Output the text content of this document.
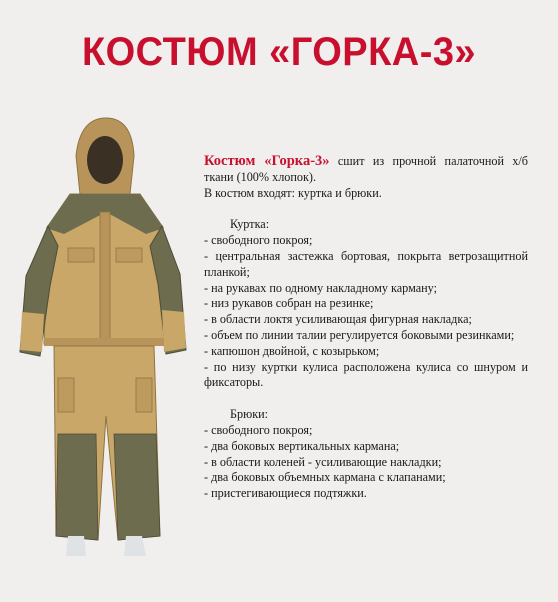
КОСТЮМ «ГОРКА-3»

Костюм «Горка-3» сшит из прочной палаточной х/б ткани (100% хлопок).

В костюм входят: куртка и брюки.

Куртка:

- свободного покроя;

- центральная застежка бортовая, покрыта ветрозащитной планкой;

- на рукавах по одному накладному карману;

- низ рукавов собран на резинке;

- в области локтя усиливающая фигурная накладка;

- объем по линии талии регулируется боковыми резинками;

- капюшон двойной, с козырьком;

- по низу куртки кулиса расположена кулиса со шнуром и фиксаторы.

Брюки:

- свободного покроя;

- два боковых вертикальных кармана;

- в области коленей - усиливающие накладки;

- два боковых объемных кармана с клапанами;

- пристегивающиеся подтяжки.
